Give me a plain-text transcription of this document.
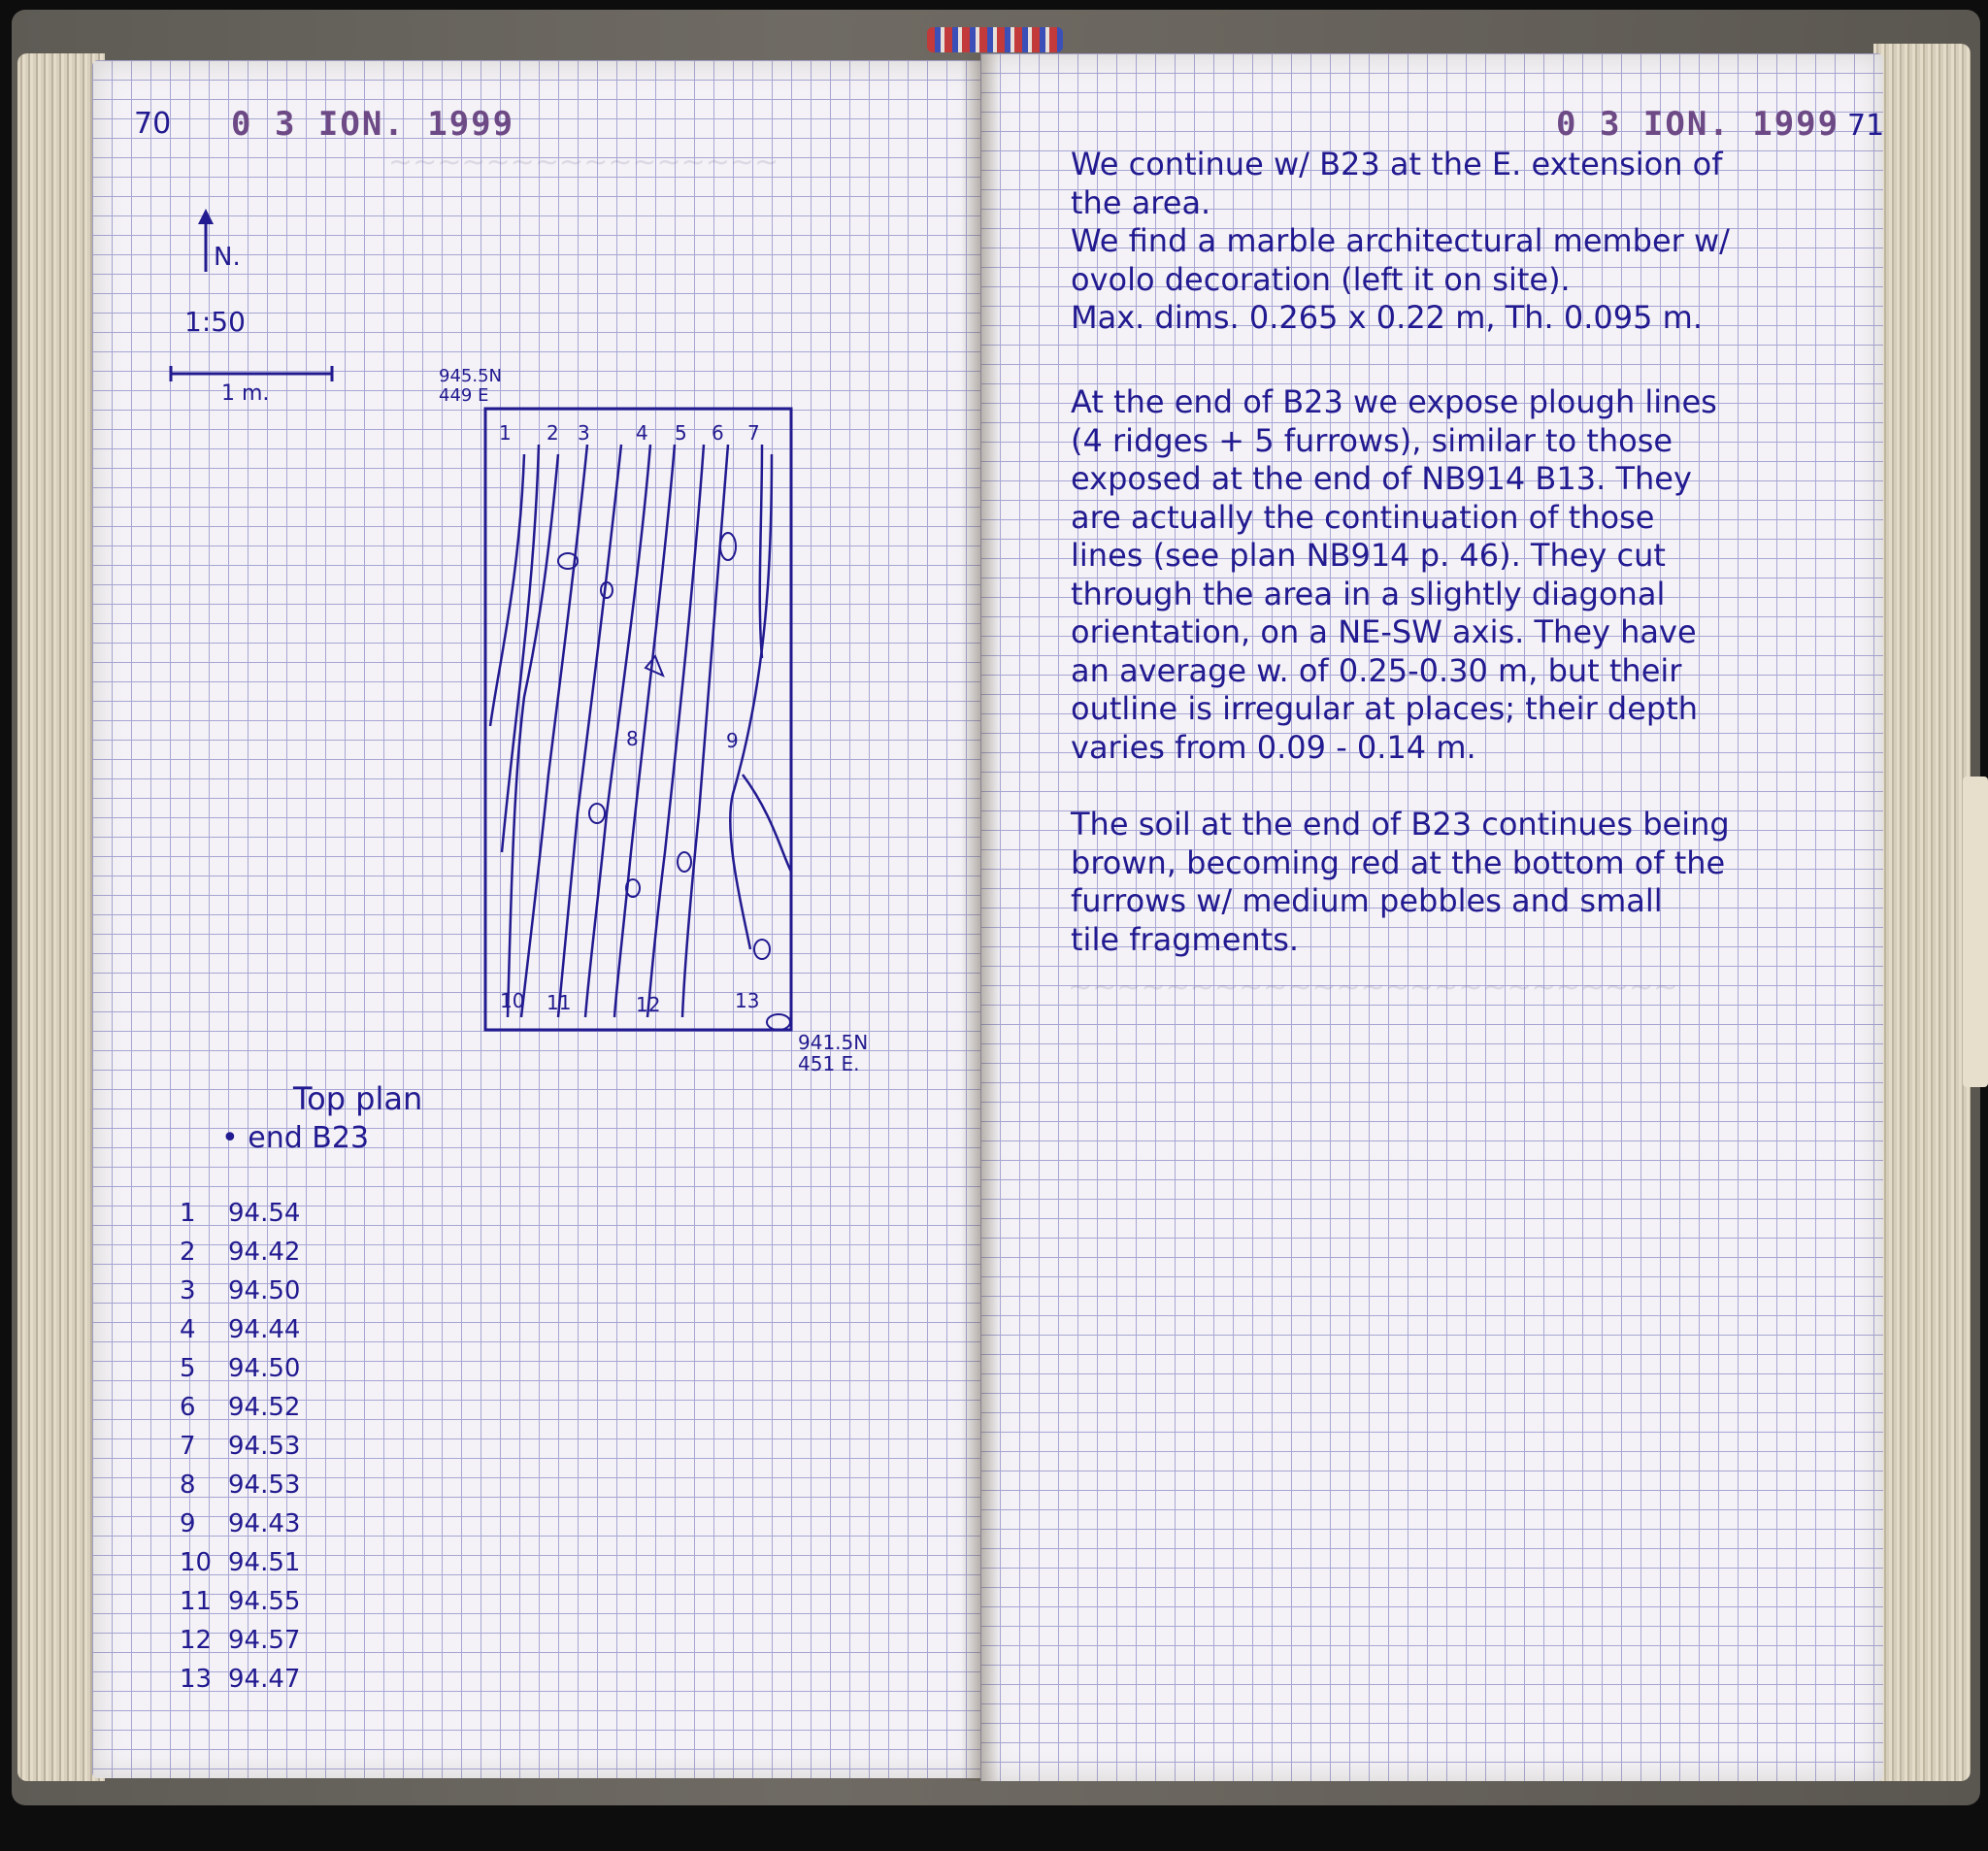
~~~~~~~~~~~~~~~~
~~~~~~~~~~~~~~~~~~~~~~~~~
70 0 3 IΟΝ. 1999
N.
1:50
1 m.
945.5N
449 E
941.5N
451 E.
1 2 3 4 5 6 7
8	9
10 11	12	13
Top plan
• end B23
1	94.54
2	94.42
3	94.50
4	94.44
5	94.50
6	94.52
7	94.53
8	94.53
9	94.43
10 94.51
11 94.55
12 94.57
13 94.47
0 3 IΟΝ. 1999 71
We continue w/ B23 at the E. extension of
the area.
We find a marble architectural member w/
ovolo decoration (left it on site).
Max. dims. 0.265 x 0.22 m, Th. 0.095 m.
At the end of B23 we expose plough lines
(4 ridges + 5 furrows), similar to those
exposed at the end of NB914 B13. They
are actually the continuation of those
lines (see plan NB914 p. 46). They cut
through the area in a slightly diagonal
orientation, on a NE-SW axis. They have
an average w. of 0.25-0.30 m, but their
outline is irregular at places; their depth
varies from 0.09 - 0.14 m.
The soil at the end of B23 continues being
brown, becoming red at the bottom of the
furrows w/ medium pebbles and small
tile fragments.
